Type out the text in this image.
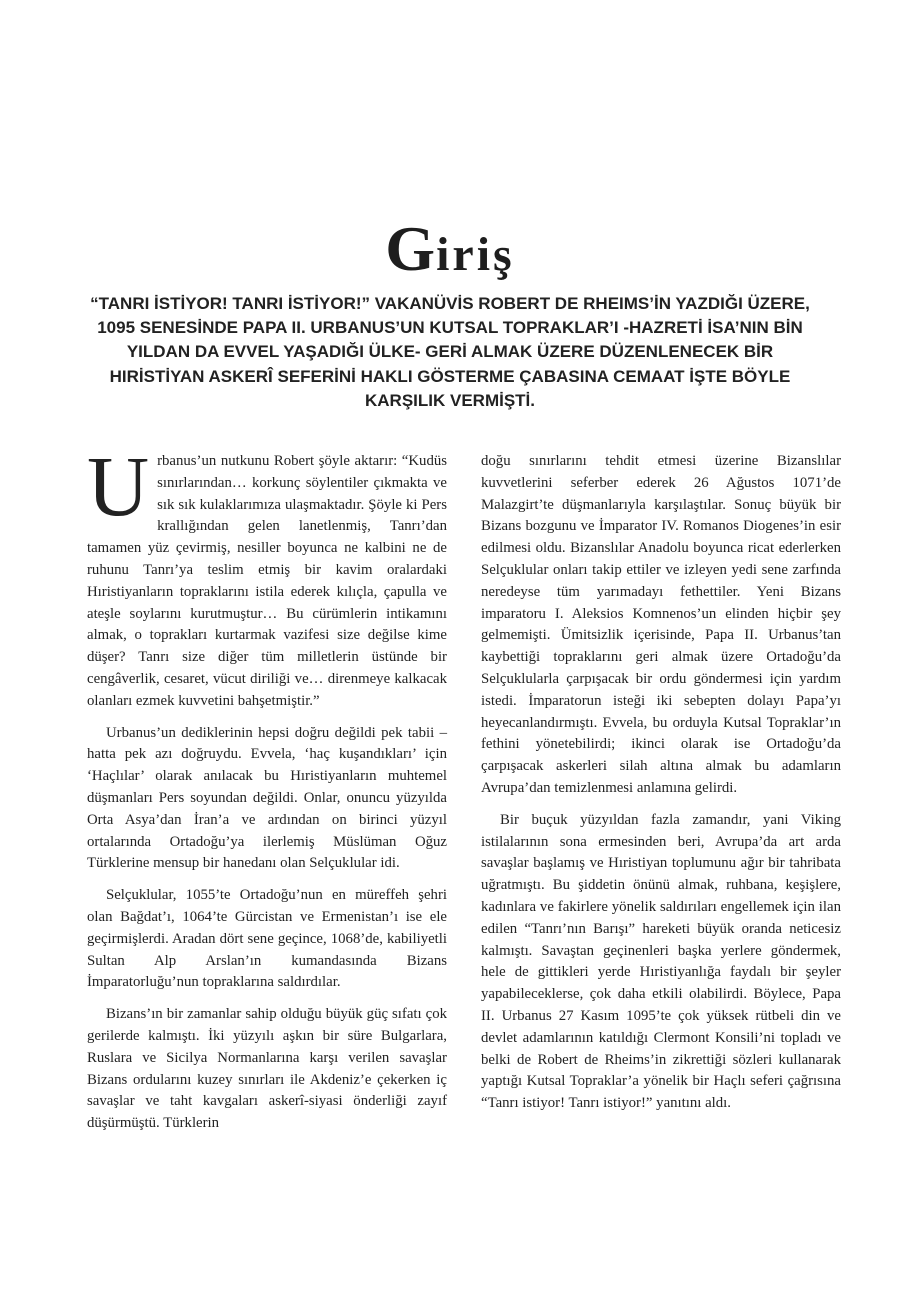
Giriş
“TANRI İSTİYOR! TANRI İSTİYOR!” VAKANÜVİS ROBERT DE RHEIMS’İN YAZDIĞI ÜZERE, 1095 SENESİNDE PAPA II. URBANUS’UN KUTSAL TOPRAKLAR’I -HAZRETİ İSA’NIN BİN YILDAN DA EVVEL YAŞADIĞI ÜLKE- GERİ ALMAK ÜZERE DÜZENLENECEK BİR HIRİSTİYAN ASKERÎ SEFERİNİ HAKLI GÖSTERME ÇABASINA CEMAAT İŞTE BÖYLE KARŞILIK VERMİŞTİ.

Urbanus’un nutkunu Robert şöyle aktarır: “Kudüs sınırlarından… korkunç söylentiler çıkmakta ve sık sık kulaklarımıza ulaşmaktadır. Şöyle ki Pers krallığından gelen lanetlenmiş, Tanrı’dan tamamen yüz çevirmiş, nesiller boyunca ne kalbini ne de ruhunu Tanrı’ya teslim etmiş bir kavim oralardaki Hıristiyanların topraklarını istila ederek kılıçla, çapulla ve ateşle soylarını kurutmuştur… Bu cürümlerin intikamını almak, o toprakları kurtarmak vazifesi size değilse kime düşer? Tanrı size diğer tüm milletlerin üstünde bir cengâverlik, cesaret, vücut diriliği ve… direnmeye kalkacak olanları ezmek kuvvetini bahşetmiştir.”

Urbanus’un dediklerinin hepsi doğru değildi pek tabii –hatta pek azı doğruydu. Evvela, ‘haç kuşandıkları’ için ‘Haçlılar’ olarak anılacak bu Hıristiyanların muhtemel düşmanları Pers soyundan değildi. Onlar, onuncu yüzyılda Orta Asya’dan İran’a ve ardından on birinci yüzyıl ortalarında Ortadoğu’ya ilerlemiş Müslüman Oğuz Türklerine mensup bir hanedanı olan Selçuklular idi.

Selçuklular, 1055’te Ortadoğu’nun en müreffeh şehri olan Bağdat’ı, 1064’te Gürcistan ve Ermenistan’ı ise ele geçirmişlerdi. Aradan dört sene geçince, 1068’de, kabiliyetli Sultan Alp Arslan’ın kumandasında Bizans İmparatorluğu’nun topraklarına saldırdılar.

Bizans’ın bir zamanlar sahip olduğu büyük güç sıfatı çok gerilerde kalmıştı. İki yüzyılı aşkın bir süre Bulgarlara, Ruslara ve Sicilya Normanlarına karşı verilen savaşlar Bizans ordularını kuzey sınırları ile Akdeniz’e çekerken iç savaşlar ve taht kavgaları askerî-siyasi önderliği zayıf düşürmüştü. Türklerin

doğu sınırlarını tehdit etmesi üzerine Bizanslılar kuvvetlerini seferber ederek 26 Ağustos 1071’de Malazgirt’te düşmanlarıyla karşılaştılar. Sonuç büyük bir Bizans bozgunu ve İmparator IV. Romanos Diogenes’in esir edilmesi oldu. Bizanslılar Anadolu boyunca ricat ederlerken Selçuklular onları takip ettiler ve izleyen yedi sene zarfında neredeyse tüm yarımadayı fethettiler. Yeni Bizans imparatoru I. Aleksios Komnenos’un elinden hiçbir şey gelmemişti. Ümitsizlik içerisinde, Papa II. Urbanus’tan kaybettiği topraklarını geri almak üzere Ortadoğu’da Selçuklularla çarpışacak bir ordu göndermesi için yardım istedi. İmparatorun isteği iki sebepten dolayı Papa’yı heyecanlandırmıştı. Evvela, bu orduyla Kutsal Topraklar’ın fethini yönetebilirdi; ikinci olarak ise Ortadoğu’da çarpışacak askerleri silah altına almak bu adamların Avrupa’dan temizlenmesi anlamına gelirdi.

Bir buçuk yüzyıldan fazla zamandır, yani Viking istilalarının sona ermesinden beri, Avrupa’da art arda savaşlar başlamış ve Hıristiyan toplumunu ağır bir tahribata uğratmıştı. Bu şiddetin önünü almak, ruhbana, keşişlere, kadınlara ve fakirlere yönelik saldırıları engellemek için ilan edilen “Tanrı’nın Barışı” hareketi büyük oranda neticesiz kalmıştı. Savaştan geçinenleri başka yerlere göndermek, hele de gittikleri yerde Hıristiyanlığa faydalı bir şeyler yapabileceklerse, çok daha etkili olabilirdi. Böylece, Papa II. Urbanus 27 Kasım 1095’te çok yüksek rütbeli din ve devlet adamlarının katıldığı Clermont Konsili’ni topladı ve belki de Robert de Rheims’in zikrettiği sözleri kullanarak yaptığı Kutsal Topraklar’a yönelik bir Haçlı seferi çağrısına “Tanrı istiyor! Tanrı istiyor!” yanıtını aldı.
